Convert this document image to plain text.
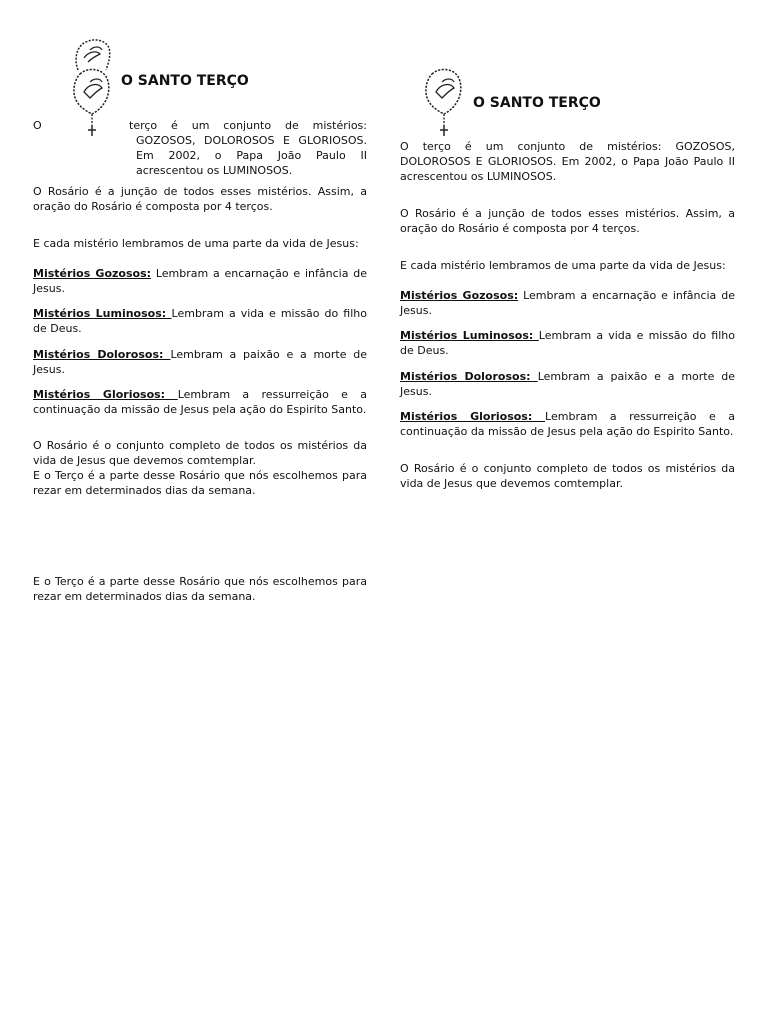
O SANTO TERÇO
O	terço é um conjunto de mistérios:
GOZOSOS, DOLOROSOS E GLORIOSOS. Em 2002, o Papa João Paulo II acrescentou os LUMINOSOS.
O Rosário é a junção de todos esses mistérios. Assim, a oração do Rosário é composta por 4 terços.
E cada mistério lembramos de uma parte da vida de Jesus:
Mistérios Gozosos: Lembram a encarnação e infância de Jesus.
Mistérios Luminosos: Lembram a vida e missão do filho de Deus.
Mistérios Dolorosos: Lembram a paixão e a morte de Jesus.
Mistérios Gloriosos: Lembram a ressurreição e a continuação da missão de Jesus pela ação do Espirito Santo.
O Rosário é o conjunto completo de todos os mistérios da vida de Jesus que devemos comtemplar.
E o Terço é a parte desse Rosário que nós escolhemos para rezar em determinados dias da semana.
E o Terço é a parte desse Rosário que nós escolhemos para rezar em determinados dias da semana.
O SANTO TERÇO
O terço é um conjunto de mistérios: GOZOSOS, DOLOROSOS E GLORIOSOS. Em 2002, o Papa João Paulo II acrescentou os LUMINOSOS.
O Rosário é a junção de todos esses mistérios. Assim, a oração do Rosário é composta por 4 terços.
E cada mistério lembramos de uma parte da vida de Jesus:
Mistérios Gozosos: Lembram a encarnação e infância de Jesus.
Mistérios Luminosos: Lembram a vida e missão do filho de Deus.
Mistérios Dolorosos: Lembram a paixão e a morte de Jesus.
Mistérios Gloriosos: Lembram a ressurreição e a continuação da missão de Jesus pela ação do Espirito Santo.
O Rosário é o conjunto completo de todos os mistérios da vida de Jesus que devemos comtemplar.
